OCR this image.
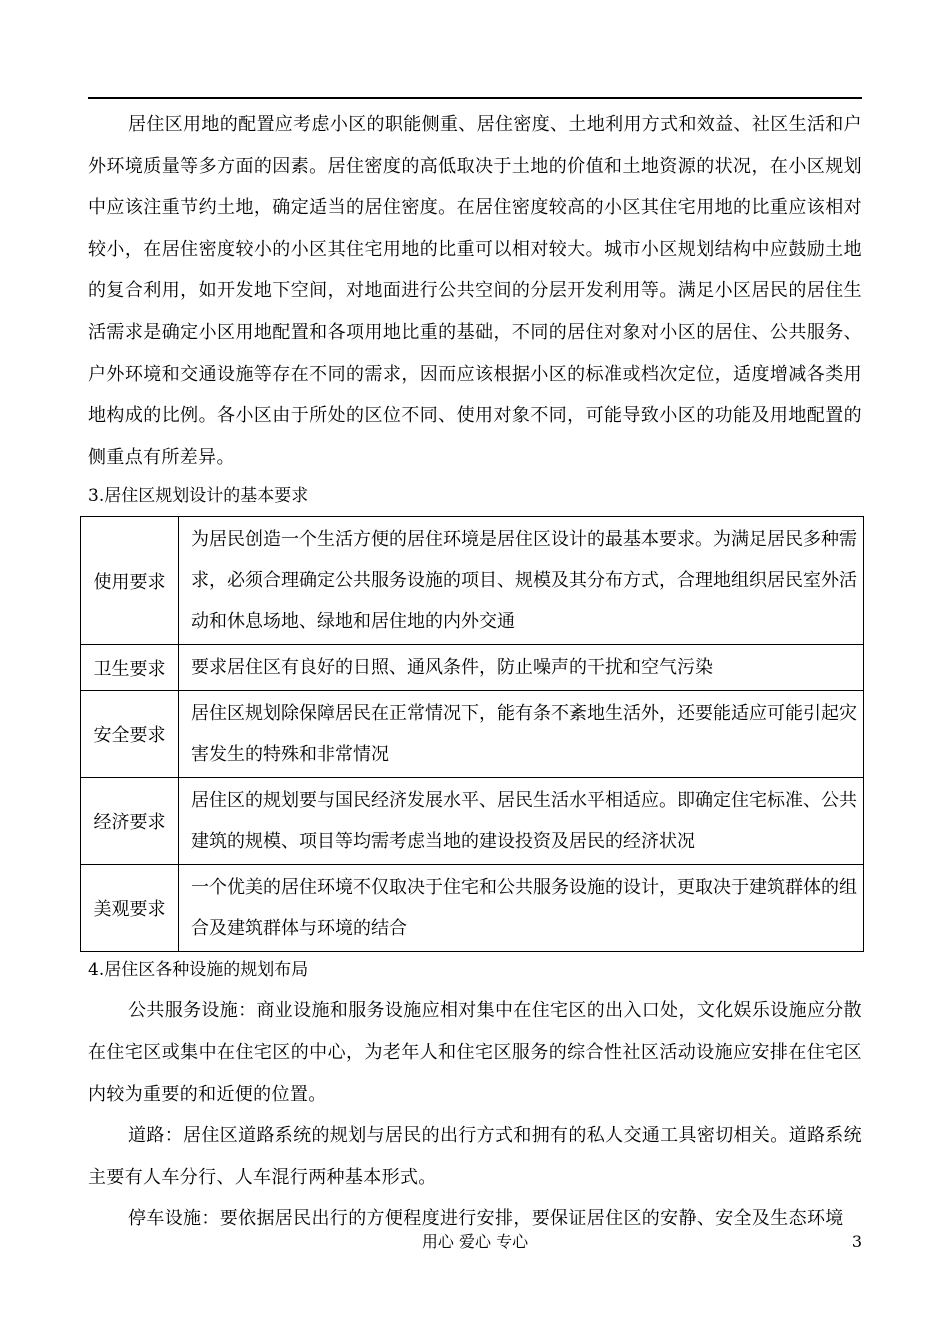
居住区用地的配置应考虑小区的职能侧重、居住密度、土地利用方式和效益、社区生活和户外环境质量等多方面的因素。居住密度的高低取决于土地的价值和土地资源的状况，在小区规划中应该注重节约土地，确定适当的居住密度。在居住密度较高的小区其住宅用地的比重应该相对较小，在居住密度较小的小区其住宅用地的比重可以相对较大。城市小区规划结构中应鼓励土地的复合利用，如开发地下空间，对地面进行公共空间的分层开发利用等。满足小区居民的居住生活需求是确定小区用地配置和各项用地比重的基础，不同的居住对象对小区的居住、公共服务、户外环境和交通设施等存在不同的需求，因而应该根据小区的标准或档次定位，适度增减各类用地构成的比例。各小区由于所处的区位不同、使用对象不同，可能导致小区的功能及用地配置的侧重点有所差异。

3.居住区规划设计的基本要求
使用要求	为居民创造一个生活方便的居住环境是居住区设计的最基本要求。为满足居民多种需求，必须合理确定公共服务设施的项目、规模及其分布方式，合理地组织居民室外活动和休息场地、绿地和居住地的内外交通
卫生要求	要求居住区有良好的日照、通风条件，防止噪声的干扰和空气污染
安全要求	居住区规划除保障居民在正常情况下，能有条不紊地生活外，还要能适应可能引起灾害发生的特殊和非常情况
经济要求	居住区的规划要与国民经济发展水平、居民生活水平相适应。即确定住宅标准、公共建筑的规模、项目等均需考虑当地的建设投资及居民的经济状况
美观要求	一个优美的居住环境不仅取决于住宅和公共服务设施的设计，更取决于建筑群体的组合及建筑群体与环境的结合
4.居住区各种设施的规划布局

公共服务设施：商业设施和服务设施应相对集中在住宅区的出入口处，文化娱乐设施应分散在住宅区或集中在住宅区的中心，为老年人和住宅区服务的综合性社区活动设施应安排在住宅区内较为重要的和近便的位置。

道路：居住区道路系统的规划与居民的出行方式和拥有的私人交通工具密切相关。道路系统主要有人车分行、人车混行两种基本形式。

停车设施：要依据居民出行的方便程度进行安排，要保证居住区的安静、安全及生态环境

用心 爱心 专心	3
